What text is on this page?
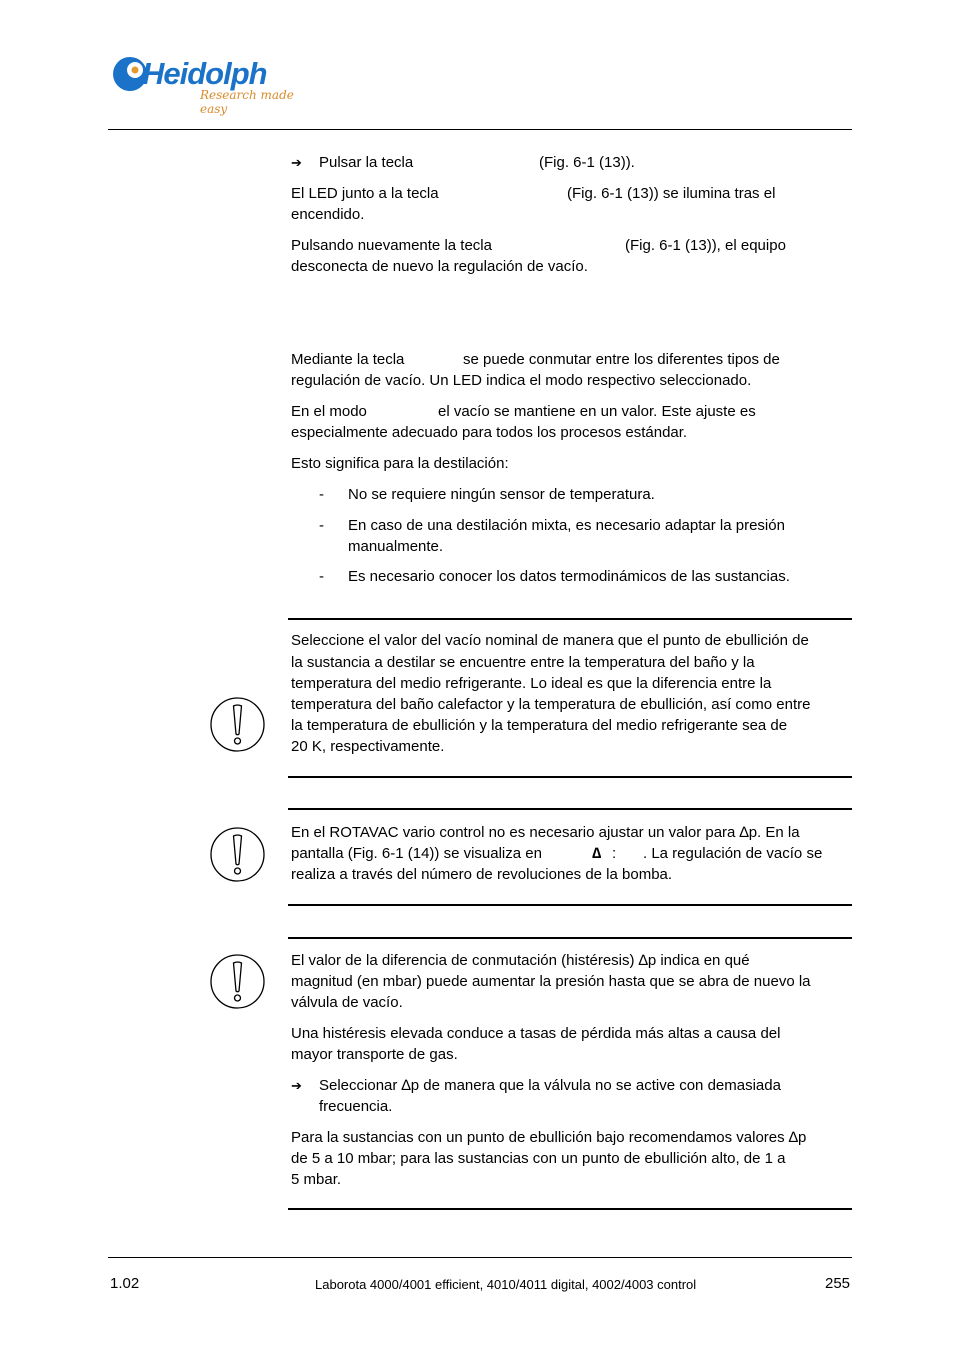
Heidolph
Research made easy
➔ Pulsar la tecla	(Fig. 6-1 (13)).
El LED junto a la tecla	(Fig. 6-1 (13)) se ilumina tras el
encendido.
Pulsando nuevamente la tecla	(Fig. 6-1 (13)), el equipo
desconecta de nuevo la regulación de vacío.
Mediante la tecla	se puede conmutar entre los diferentes tipos de
regulación de vacío. Un LED indica el modo respectivo seleccionado.
En el modo	el vacío se mantiene en un valor. Este ajuste es
especialmente adecuado para todos los procesos estándar.
Esto significa para la destilación:
- No se requiere ningún sensor de temperatura.
- En caso de una destilación mixta, es necesario adaptar la presión
manualmente.
- Es necesario conocer los datos termodinámicos de las sustancias.
Seleccione el valor del vacío nominal de manera que el punto de ebullición de
la sustancia a destilar se encuentre entre la temperatura del baño y la
temperatura del medio refrigerante. Lo ideal es que la diferencia entre la
temperatura del baño calefactor y la temperatura de ebullición, así como entre
la temperatura de ebullición y la temperatura del medio refrigerante sea de
20 K, respectivamente.
En el ROTAVAC vario control no es necesario ajustar un valor para ∆p. En la
pantalla (Fig. 6-1 (14)) se visualiza en	∆ : . La regulación de vacío se
realiza a través del número de revoluciones de la bomba.
El valor de la diferencia de conmutación (histéresis) ∆p indica en qué
magnitud (en mbar) puede aumentar la presión hasta que se abra de nuevo la
válvula de vacío.
Una histéresis elevada conduce a tasas de pérdida más altas a causa del
mayor transporte de gas.
➔ Seleccionar ∆p de manera que la válvula no se active con demasiada
frecuencia.
Para la sustancias con un punto de ebullición bajo recomendamos valores ∆p
de 5 a 10 mbar; para las sustancias con un punto de ebullición alto, de 1 a
5 mbar.
1.02	Laborota 4000/4001 efficient, 4010/4011 digital, 4002/4003 control	255
